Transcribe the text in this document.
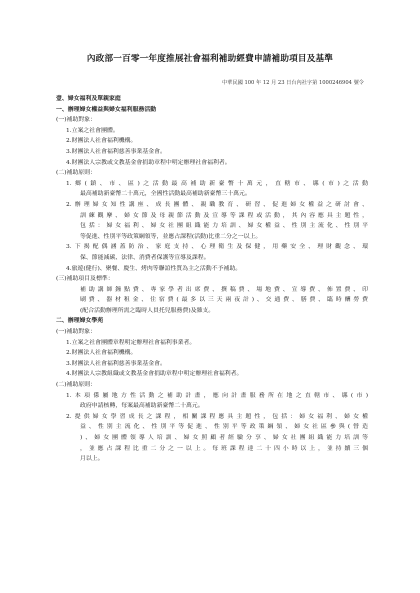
內政部一百零一年度推展社會福利補助經費申請補助項目及基準
中華民國 100 年 12 月 23 日台內社字第 1000246904 號令
壹、婦女福利及單親家庭
一、辦理婦女權益與婦女福利服務活動
(一)補助對象：
1.立案之社會團體。
2.財團法人社會福利機構。
3.財團法人社會福利慈善事業基金會。
4.財團法人宗教或文教基金會捐助章程中明定辦理社會福利者。
(二)補助原則：
1.鄉(鎮、市、區)之活動最高補助新臺幣十萬元，直轄市、縣(市)之活動
最高補助新臺幣二十萬元，全國性活動最高補助新臺幣三十萬元。
2.辦理婦女知性講座、成長團體、親職教育、研習、促進婦女權益之研討會、
訓練觀摩、婦女節及母親節活動及宣導等課程或活動，其內容應具主題性，
包括：婦女福利、婦女社團組織能力培訓、婦女權益、性別主流化、性別平
等促進、性別平等政策綱領等，並應占課程(活動)比重二分之一以上。
3.下揭配偶涵蓋防治、家庭支持、心理衛生及保健，用藥安全、理財觀念、環
保、節能減碳、法律、消費者保護等宣導及課程。
4.旅遊(健行)、聚餐、慶生、烤肉等聯誼性質為主之活動不予補助。
(三)補助項目及標準：
補助講師鐘點費、專家學者出席費、撰稿費、場地費、宣導費、佈置費、印
刷費、器材租金、住宿費(最多以三天兩夜計)、交通費、膳費、臨時酬勞費
(配合活動辦理所需之臨時人員托兒服務費)及雜支。
二、辦理婦女學苑
(一)補助對象：
1.立案之社會團體章程明定辦理社會福利事業者。
2.財團法人社會福利機構。
3.財團法人社會福利慈善事業基金會。
4.財團法人宗教組織或文教基金會捐助章程中明定辦理社會福利者。
(二)補助原則：
1.本項係屬地方性活動之補助計畫，應向計畫服務所在地之直轄市、縣(市)
政府申請核轉，每案最高補助新臺幣二十萬元。
2.提供婦女學習成長之課程，相關課程應具主題性，包括：婦女福利、婦女權
益、性別主流化、性別平等促進、性別平等政策綱領、婦女社區參與(營造
)、婦女團體領導人培訓、婦女照顧者經驗分享、婦女社團組織能力培訓等
，並應占課程比重二分之一以上。每班課程達二十四小時以上，並持續三個
月以上。
